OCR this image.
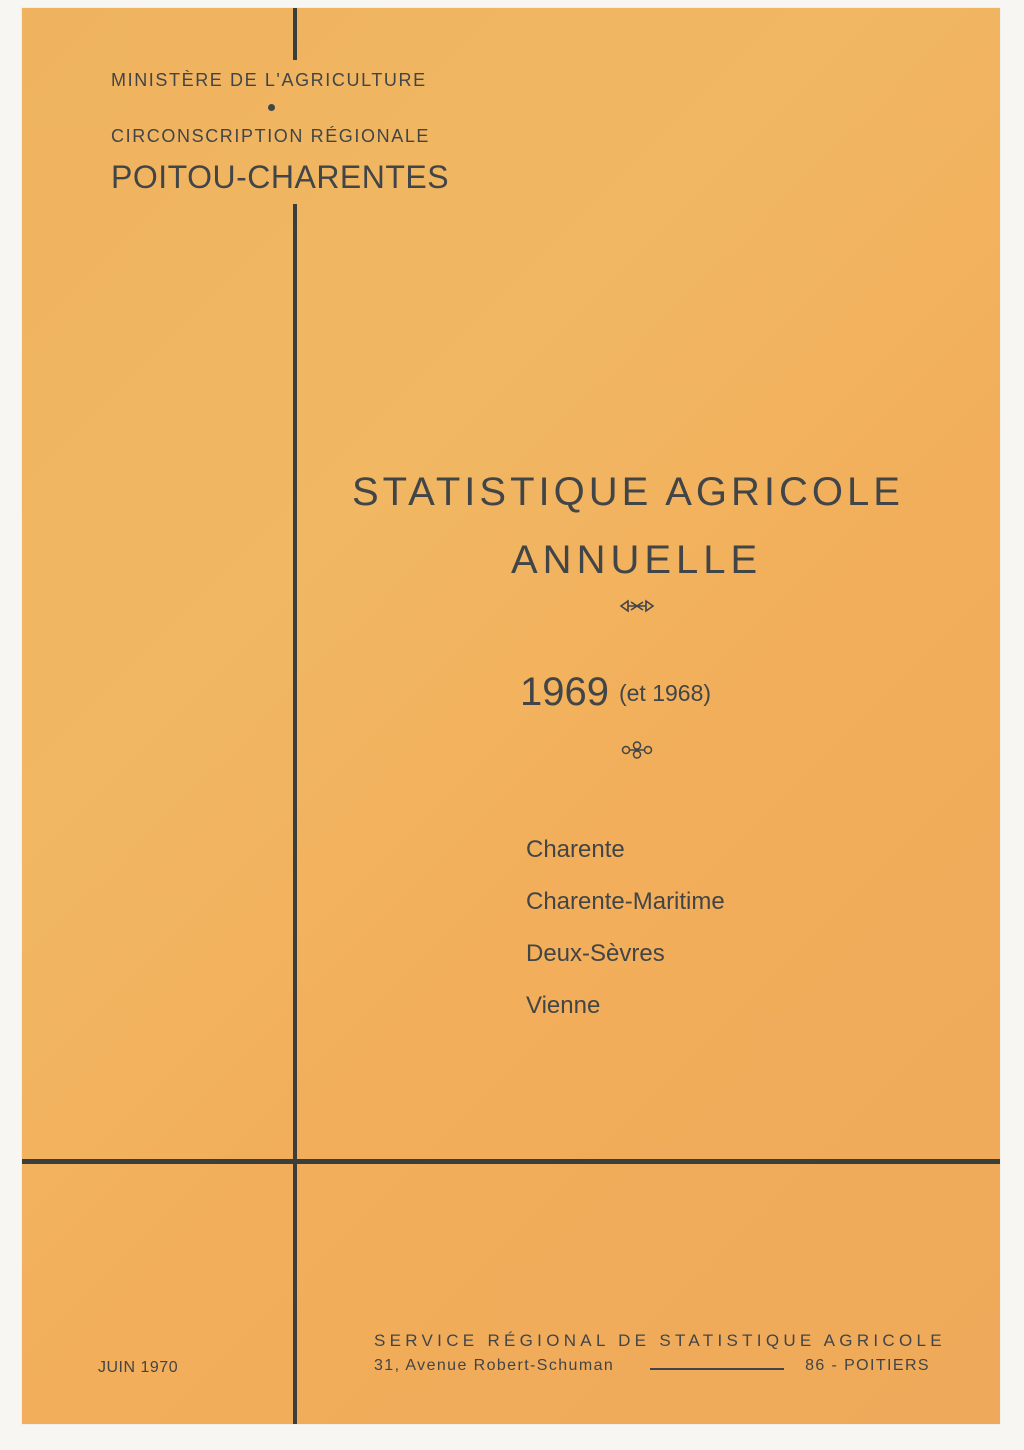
MINISTÈRE DE L'AGRICULTURE
CIRCONSCRIPTION RÉGIONALE
POITOU-CHARENTES
STATISTIQUE AGRICOLE
ANNUELLE
1969 (et 1968)
Charente
Charente-Maritime
Deux-Sèvres
Vienne
JUIN 1970
SERVICE RÉGIONAL DE STATISTIQUE AGRICOLE
31, Avenue Robert-Schuman	86 - POITIERS
